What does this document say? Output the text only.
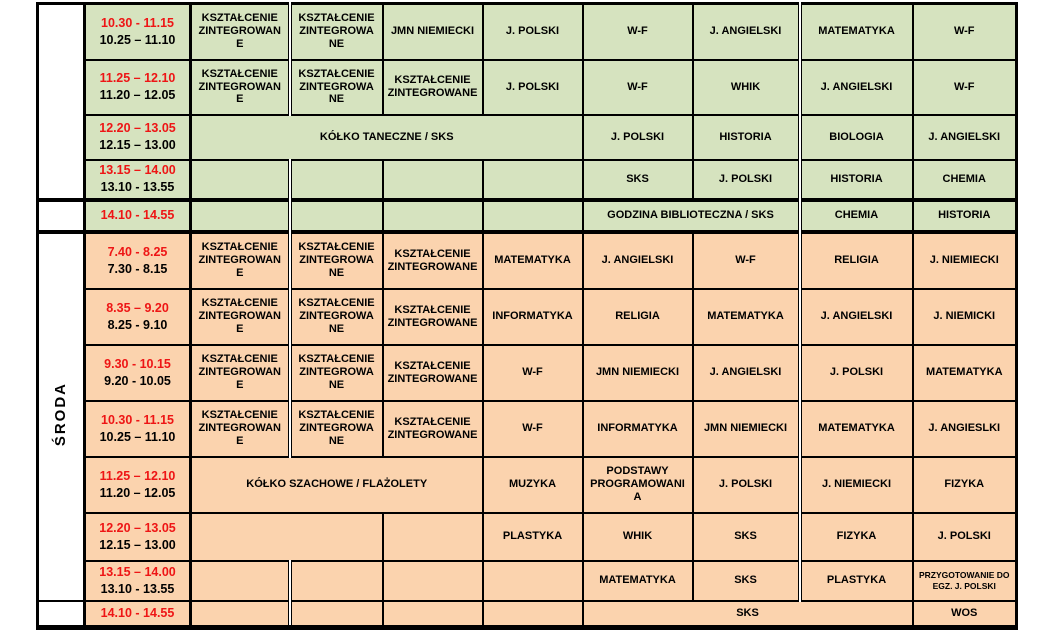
	10.30 - 11.15
10.25 – 11.10	KSZTAŁCENIE ZINTEGROWANE	KSZTAŁCENIE ZINTEGROWANE	JMN NIEMIECKI	J. POLSKI	W-F	J. ANGIELSKI	MATEMATYKA	W-F

	11.25 – 12.10
11.20 – 12.05	KSZTAŁCENIE ZINTEGROWANE	KSZTAŁCENIE ZINTEGROWANE	KSZTAŁCENIE ZINTEGROWANE	J. POLSKI	W-F	WHIK	J. ANGIELSKI	W-F

	12.20 – 13.05
12.15 – 13.00	KÓŁKO TANECZNE / SKS				J. POLSKI	HISTORIA	BIOLOGIA	J. ANGIELSKI

	13.15 – 14.00
13.10 - 13.55					SKS	J. POLSKI	HISTORIA	CHEMIA

	14.10 - 14.55					GODZINA BIBLIOTECZNA / SKS		CHEMIA	HISTORIA
ŚRODA	7.40 - 8.25
7.30 - 8.15	KSZTAŁCENIE ZINTEGROWANE	KSZTAŁCENIE ZINTEGROWANE	KSZTAŁCENIE ZINTEGROWANE	MATEMATYKA	J. ANGIELSKI	W-F	RELIGIA	J. NIEMIECKI

	8.35 – 9.20
8.25 - 9.10	KSZTAŁCENIE ZINTEGROWANE	KSZTAŁCENIE ZINTEGROWANE	KSZTAŁCENIE ZINTEGROWANE	INFORMATYKA	RELIGIA	MATEMATYKA	J. ANGIELSKI	J. NIEMICKI

	9.30 - 10.15
9.20 - 10.05	KSZTAŁCENIE ZINTEGROWANE	KSZTAŁCENIE ZINTEGROWANE	KSZTAŁCENIE ZINTEGROWANE	W-F	JMN NIEMIECKI	J. ANGIELSKI	J. POLSKI	MATEMATYKA

	10.30 - 11.15
10.25 – 11.10	KSZTAŁCENIE ZINTEGROWANE	KSZTAŁCENIE ZINTEGROWANE	KSZTAŁCENIE ZINTEGROWANE	W-F	INFORMATYKA	JMN NIEMIECKI	MATEMATYKA	J. ANGIESLKI

	11.25 – 12.10
11.20 – 12.05	KÓŁKO SZACHOWE / FLAŻOLETY			MUZYKA	PODSTAWY PROGRAMOWANIA	J. POLSKI	J. NIEMIECKI	FIZYKA

	12.20 – 13.05
12.15 – 13.00				PLASTYKA	WHIK	SKS	FIZYKA	J. POLSKI

	13.15 – 14.00
13.10 - 13.55					MATEMATYKA	SKS	PLASTYKA	PRZYGOTOWANIE DO EGZ. J. POLSKI

	14.10 - 14.55					SKS			WOS
